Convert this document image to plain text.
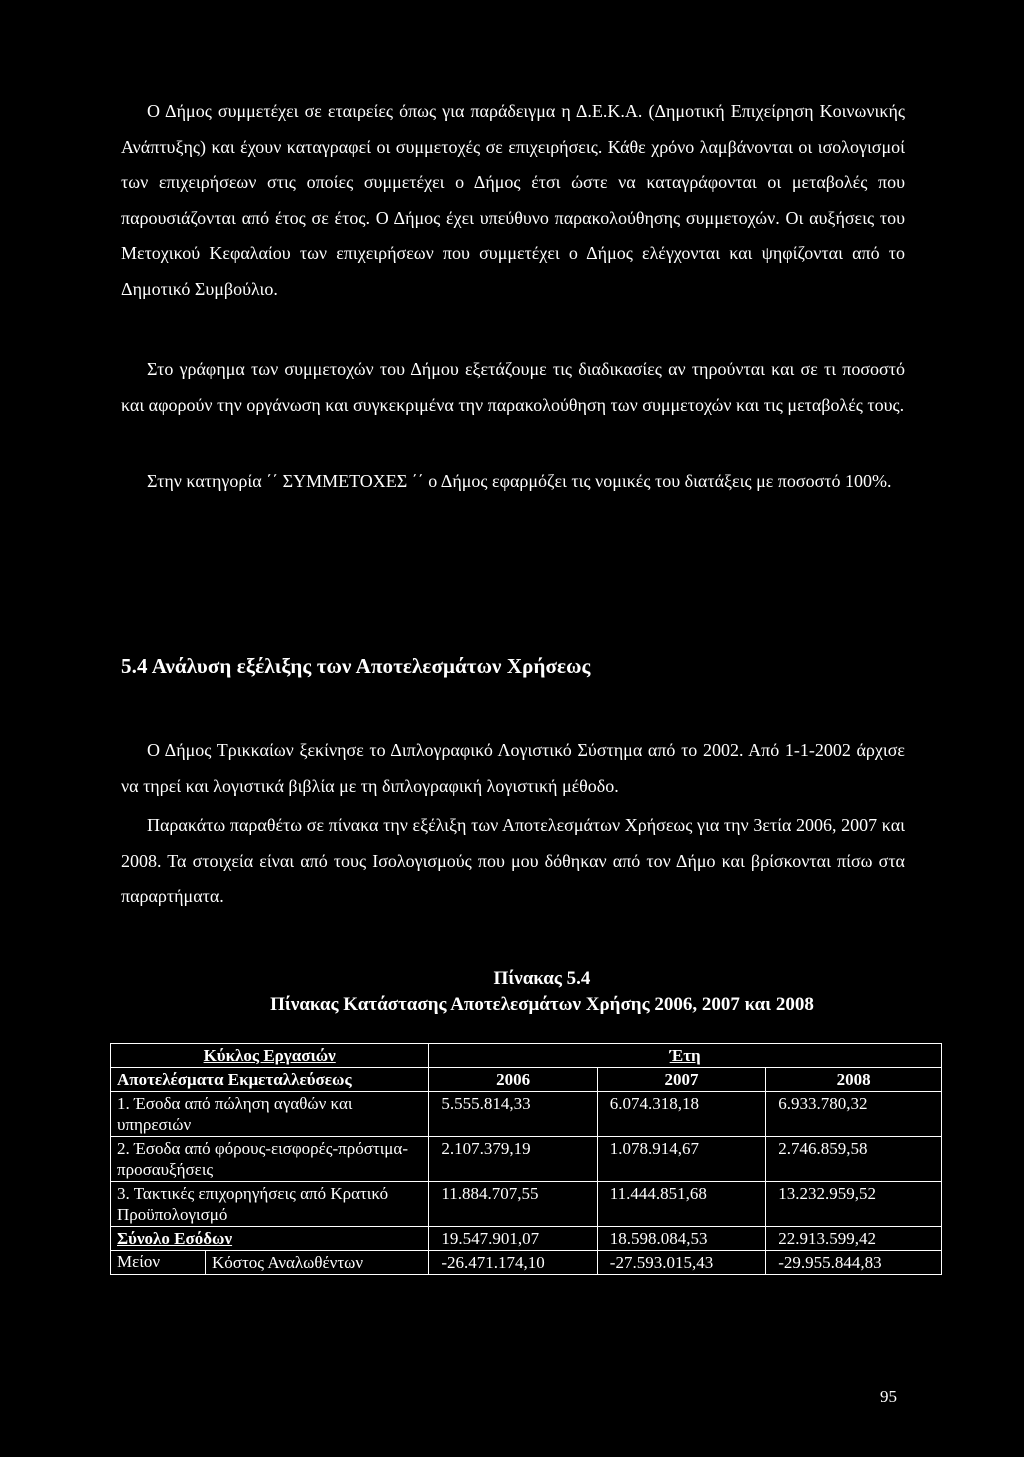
Ο Δήμος συμμετέχει σε εταιρείες όπως για παράδειγμα η Δ.Ε.Κ.Α. (Δημοτική Επιχείρηση Κοινωνικής Ανάπτυξης) και έχουν καταγραφεί οι συμμετοχές σε επιχειρήσεις. Κάθε χρόνο λαμβάνονται οι ισολογισμοί των επιχειρήσεων στις οποίες συμμετέχει ο Δήμος έτσι ώστε να καταγράφονται οι μεταβολές που παρουσιάζονται από έτος σε έτος. Ο Δήμος έχει υπεύθυνο παρακολούθησης συμμετοχών. Οι αυξήσεις του Μετοχικού Κεφαλαίου των επιχειρήσεων που συμμετέχει ο Δήμος ελέγχονται και ψηφίζονται από το Δημοτικό Συμβούλιο.

Στο γράφημα των συμμετοχών του Δήμου εξετάζουμε τις διαδικασίες αν τηρούνται και σε τι ποσοστό και αφορούν την οργάνωση και συγκεκριμένα την παρακολούθηση των συμμετοχών και τις μεταβολές τους.

Στην κατηγορία ΄΄ ΣΥΜΜΕΤΟΧΕΣ ΄΄ ο Δήμος εφαρμόζει τις νομικές του διατάξεις με ποσοστό 100%.

5.4 Ανάλυση εξέλιξης των Αποτελεσμάτων Χρήσεως

Ο Δήμος Τρικκαίων ξεκίνησε το Διπλογραφικό Λογιστικό Σύστημα από το 2002. Από 1-1-2002 άρχισε να τηρεί και λογιστικά βιβλία με τη διπλογραφική λογιστική μέθοδο.

Παρακάτω παραθέτω σε πίνακα την εξέλιξη των Αποτελεσμάτων Χρήσεως για την 3ετία 2006, 2007 και 2008. Τα στοιχεία είναι από τους Ισολογισμούς που μου δόθηκαν από τον Δήμο και βρίσκονται πίσω στα παραρτήματα.

Πίνακας 5.4

Πίνακας Κατάστασης Αποτελεσμάτων Χρήσης 2006, 2007 και 2008

Κύκλος Εργασιών	Έτη		
Αποτελέσματα Εκμεταλλεύσεως	2006	2007	2008
1. Έσοδα από πώληση αγαθών και υπηρεσιών	5.555.814,33	6.074.318,18	6.933.780,32
2. Έσοδα από φόρους-εισφορές-πρόστιμα- προσαυξήσεις	2.107.379,19	1.078.914,67	2.746.859,58
3. Τακτικές επιχορηγήσεις από Κρατικό Προϋπολογισμό	11.884.707,55	11.444.851,68	13.232.959,52
Σύνολο Εσόδων	19.547.901,07	18.598.084,53	22.913.599,42

Μείον Κόστος Αναλωθέντων	-26.471.174,10	-27.593.015,43	-29.955.844,83

95
